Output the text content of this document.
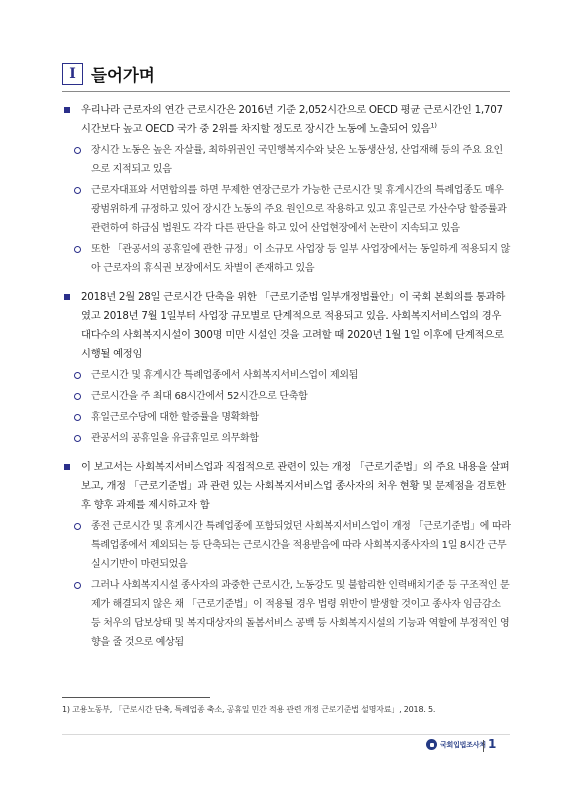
Ⅰ 들어가며
우리나라 근로자의 연간 근로시간은 2016년 기준 2,052시간으로 OECD 평균 근로시간인 1,707시간보다 높고 OECD 국가 중 2위를 차지할 정도로 장시간 노동에 노출되어 있음$^{1)}$
장시간 노동은 높은 자살률, 최하위권인 국민행복지수와 낮은 노동생산성, 산업재해 등의 주요 요인으로 지적되고 있음
근로자대표와 서면합의를 하면 무제한 연장근로가 가능한 근로시간 및 휴게시간의 특례업종도 매우 광범위하게 규정하고 있어 장시간 노동의 주요 원인으로 작용하고 있고 휴일근로 가산수당 할증률과 관련하여 하급심 법원도 각각 다른 판단을 하고 있어 산업현장에서 논란이 지속되고 있음
또한 「관공서의 공휴일에 관한 규정」이 소규모 사업장 등 일부 사업장에서는 동일하게 적용되지 않아 근로자의 휴식권 보장에서도 차별이 존재하고 있음
2018년 2월 28일 근로시간 단축을 위한 「근로기준법 일부개정법률안」이 국회 본회의를 통과하였고 2018년 7월 1일부터 사업장 규모별로 단계적으로 적용되고 있음. 사회복지서비스업의 경우 대다수의 사회복지시설이 300명 미만 시설인 것을 고려할 때 2020년 1월 1일 이후에 단계적으로 시행될 예정임
근로시간 및 휴게시간 특례업종에서 사회복지서비스업이 제외됨
근로시간을 주 최대 68시간에서 52시간으로 단축함
휴일근로수당에 대한 할증률을 명확화함
관공서의 공휴일을 유급휴일로 의무화함
이 보고서는 사회복지서비스업과 직접적으로 관련이 있는 개정 「근로기준법」의 주요 내용을 살펴보고, 개정 「근로기준법」과 관련 있는 사회복지서비스업 종사자의 처우 현황 및 문제점을 검토한 후 향후 과제를 제시하고자 함
종전 근로시간 및 휴게시간 특례업종에 포함되었던 사회복지서비스업이 개정 「근로기준법」에 따라 특례업종에서 제외되는 등 단축되는 근로시간을 적용받음에 따라 사회복지종사자의 1일 8시간 근무 실시기반이 마련되었음
그러나 사회복지시설 종사자의 과중한 근로시간, 노동강도 및 불합리한 인력배치기준 등 구조적인 문제가 해결되지 않은 채 「근로기준법」이 적용될 경우 법령 위반이 발생할 것이고 종사자 임금감소 등 처우의 답보상태 및 복지대상자의 돌봄서비스 공백 등 사회복지시설의 기능과 역할에 부정적인 영향을 줄 것으로 예상됨
1) 고용노동부, 「근로시간 단축, 특례업종 축소, 공휴일 민간 적용 관련 개정 근로기준법 설명자료」, 2018. 5.
국회입법조사처 1
